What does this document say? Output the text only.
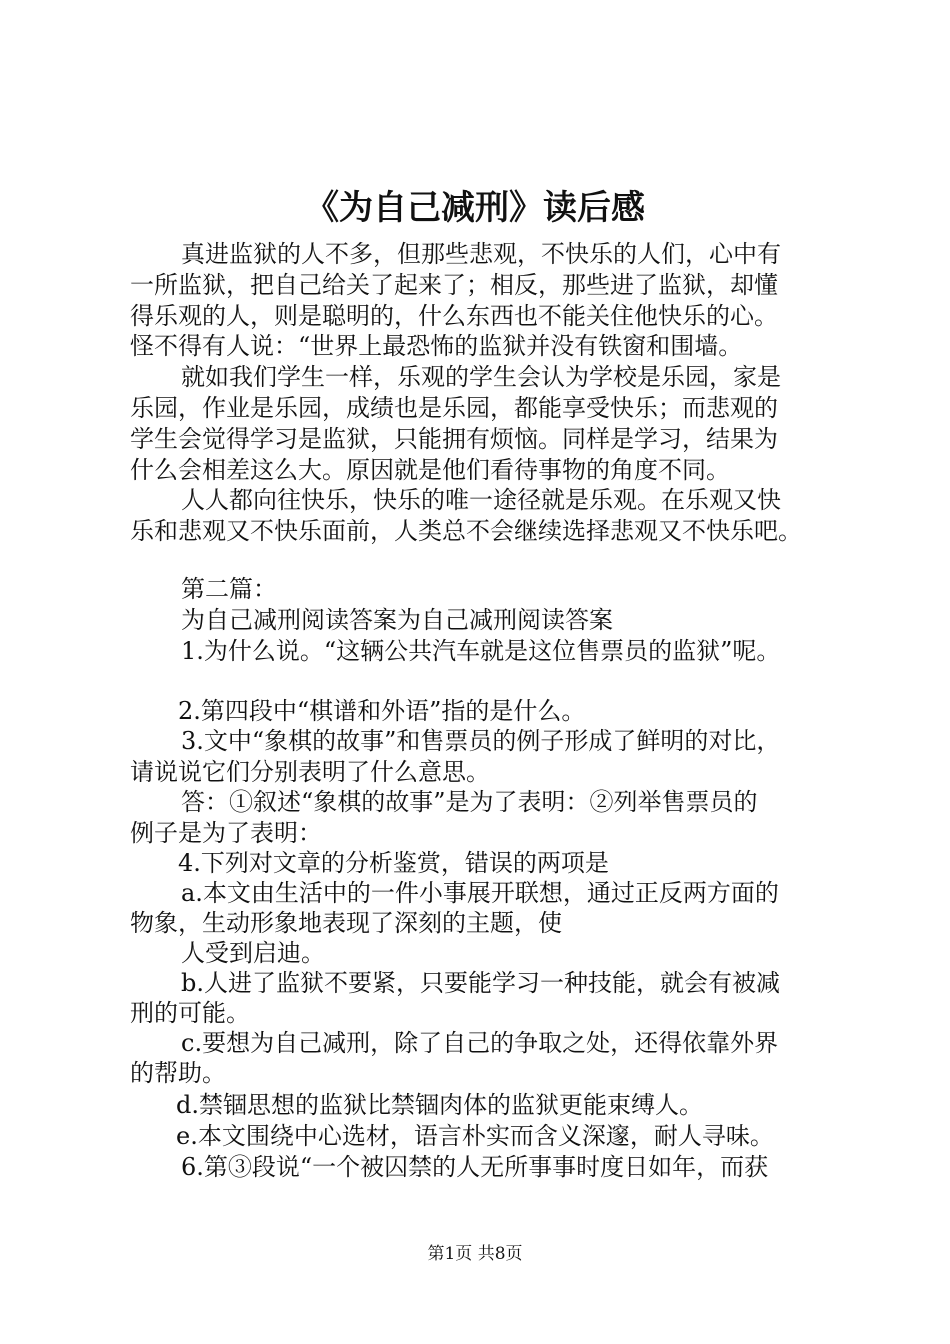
《为自己减刑》读后感
真进监狱的人不多，但那些悲观，不快乐的人们，心中有
一所监狱，把自己给关了起来了；相反，那些进了监狱，却懂
得乐观的人，则是聪明的，什么东西也不能关住他快乐的心。
怪不得有人说：“世界上最恐怖的监狱并没有铁窗和围墙。
就如我们学生一样，乐观的学生会认为学校是乐园，家是
乐园，作业是乐园，成绩也是乐园，都能享受快乐；而悲观的
学生会觉得学习是监狱，只能拥有烦恼。同样是学习，结果为
什么会相差这么大。原因就是他们看待事物的角度不同。
人人都向往快乐，快乐的唯一途径就是乐观。在乐观又快
乐和悲观又不快乐面前，人类总不会继续选择悲观又不快乐吧。
第二篇：
为自己减刑阅读答案为自己减刑阅读答案
1.为什么说。“这辆公共汽车就是这位售票员的监狱”呢。
2.第四段中“棋谱和外语”指的是什么。
3.文中“象棋的故事”和售票员的例子形成了鲜明的对比，
请说说它们分别表明了什么意思。
答：①叙述“象棋的故事”是为了表明：②列举售票员的
例子是为了表明：
4.下列对文章的分析鉴赏，错误的两项是
a.本文由生活中的一件小事展开联想，通过正反两方面的
物象，生动形象地表现了深刻的主题，使
人受到启迪。
b.人进了监狱不要紧，只要能学习一种技能，就会有被减
刑的可能。
c.要想为自己减刑，除了自己的争取之处，还得依靠外界
的帮助。
d.禁锢思想的监狱比禁锢肉体的监狱更能束缚人。
e.本文围绕中心选材，语言朴实而含义深邃，耐人寻味。
6.第③段说“一个被囚禁的人无所事事时度日如年，而获
第1页 共8页
